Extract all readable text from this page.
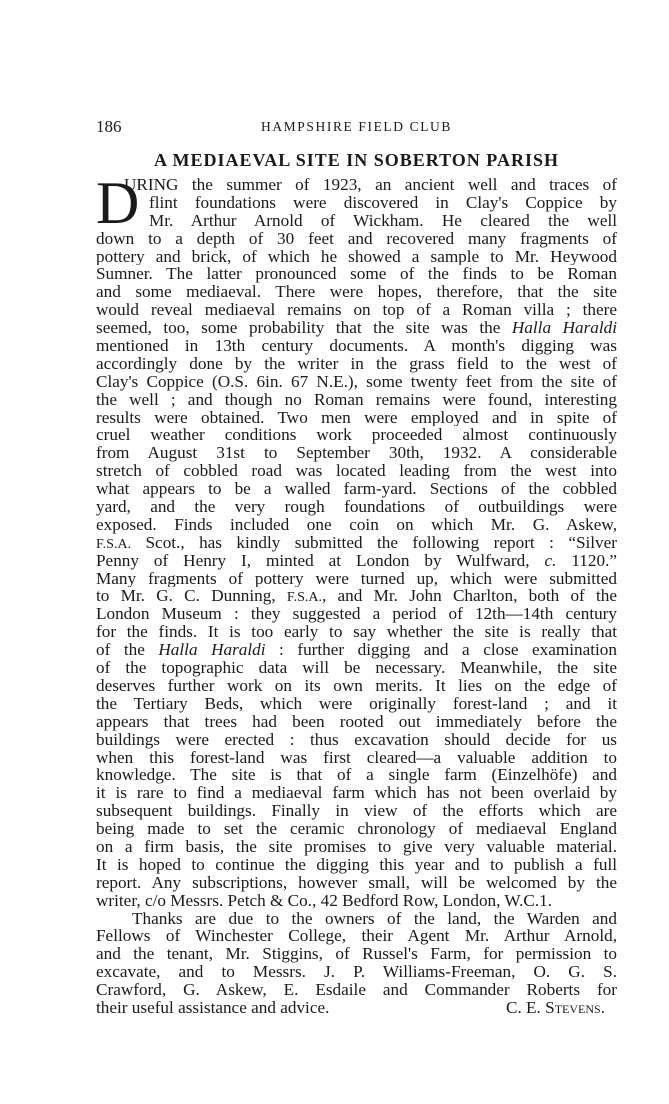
186	HAMPSHIRE FIELD CLUB
A MEDIAEVAL SITE IN SOBERTON PARISH
D
URING the summer of 1923, an ancient well and traces of
flint foundations were discovered in Clay's Coppice by
Mr. Arthur Arnold of Wickham. He cleared the well
down to a depth of 30 feet and recovered many fragments of
pottery and brick, of which he showed a sample to Mr. Heywood
Sumner. The latter pronounced some of the finds to be Roman
and some mediaeval. There were hopes, therefore, that the site
would reveal mediaeval remains on top of a Roman villa ; there
seemed, too, some probability that the site was the Halla Haraldi
mentioned in 13th century documents. A month's digging was
accordingly done by the writer in the grass field to the west of
Clay's Coppice (O.S. 6in. 67 N.E.), some twenty feet from the site of
the well ; and though no Roman remains were found, interesting
results were obtained. Two men were employed and in spite of
cruel weather conditions work proceeded almost continuously
from August 31st to September 30th, 1932. A considerable
stretch of cobbled road was located leading from the west into
what appears to be a walled farm-yard. Sections of the cobbled
yard, and the very rough foundations of outbuildings were
exposed. Finds included one coin on which Mr. G. Askew,
F.S.A. Scot., has kindly submitted the following report : “Silver
Penny of Henry I, minted at London by Wulfward, c. 1120.”
Many fragments of pottery were turned up, which were submitted
to Mr. G. C. Dunning, F.S.A., and Mr. John Charlton, both of the
London Museum : they suggested a period of 12th—14th century
for the finds. It is too early to say whether the site is really that
of the Halla Haraldi : further digging and a close examination
of the topographic data will be necessary. Meanwhile, the site
deserves further work on its own merits. It lies on the edge of
the Tertiary Beds, which were originally forest-land ; and it
appears that trees had been rooted out immediately before the
buildings were erected : thus excavation should decide for us
when this forest-land was first cleared—a valuable addition to
knowledge. The site is that of a single farm (Einzelhöfe) and
it is rare to find a mediaeval farm which has not been overlaid by
subsequent buildings. Finally in view of the efforts which are
being made to set the ceramic chronology of mediaeval England
on a firm basis, the site promises to give very valuable material.
It is hoped to continue the digging this year and to publish a full
report. Any subscriptions, however small, will be welcomed by the
writer, c/o Messrs. Petch & Co., 42 Bedford Row, London, W.C.1.
Thanks are due to the owners of the land, the Warden and
Fellows of Winchester College, their Agent Mr. Arthur Arnold,
and the tenant, Mr. Stiggins, of Russel's Farm, for permission to
excavate, and to Messrs. J. P. Williams-Freeman, O. G. S.
Crawford, G. Askew, E. Esdaile and Commander Roberts for
their useful assistance and advice.	C. E. Stevens.
